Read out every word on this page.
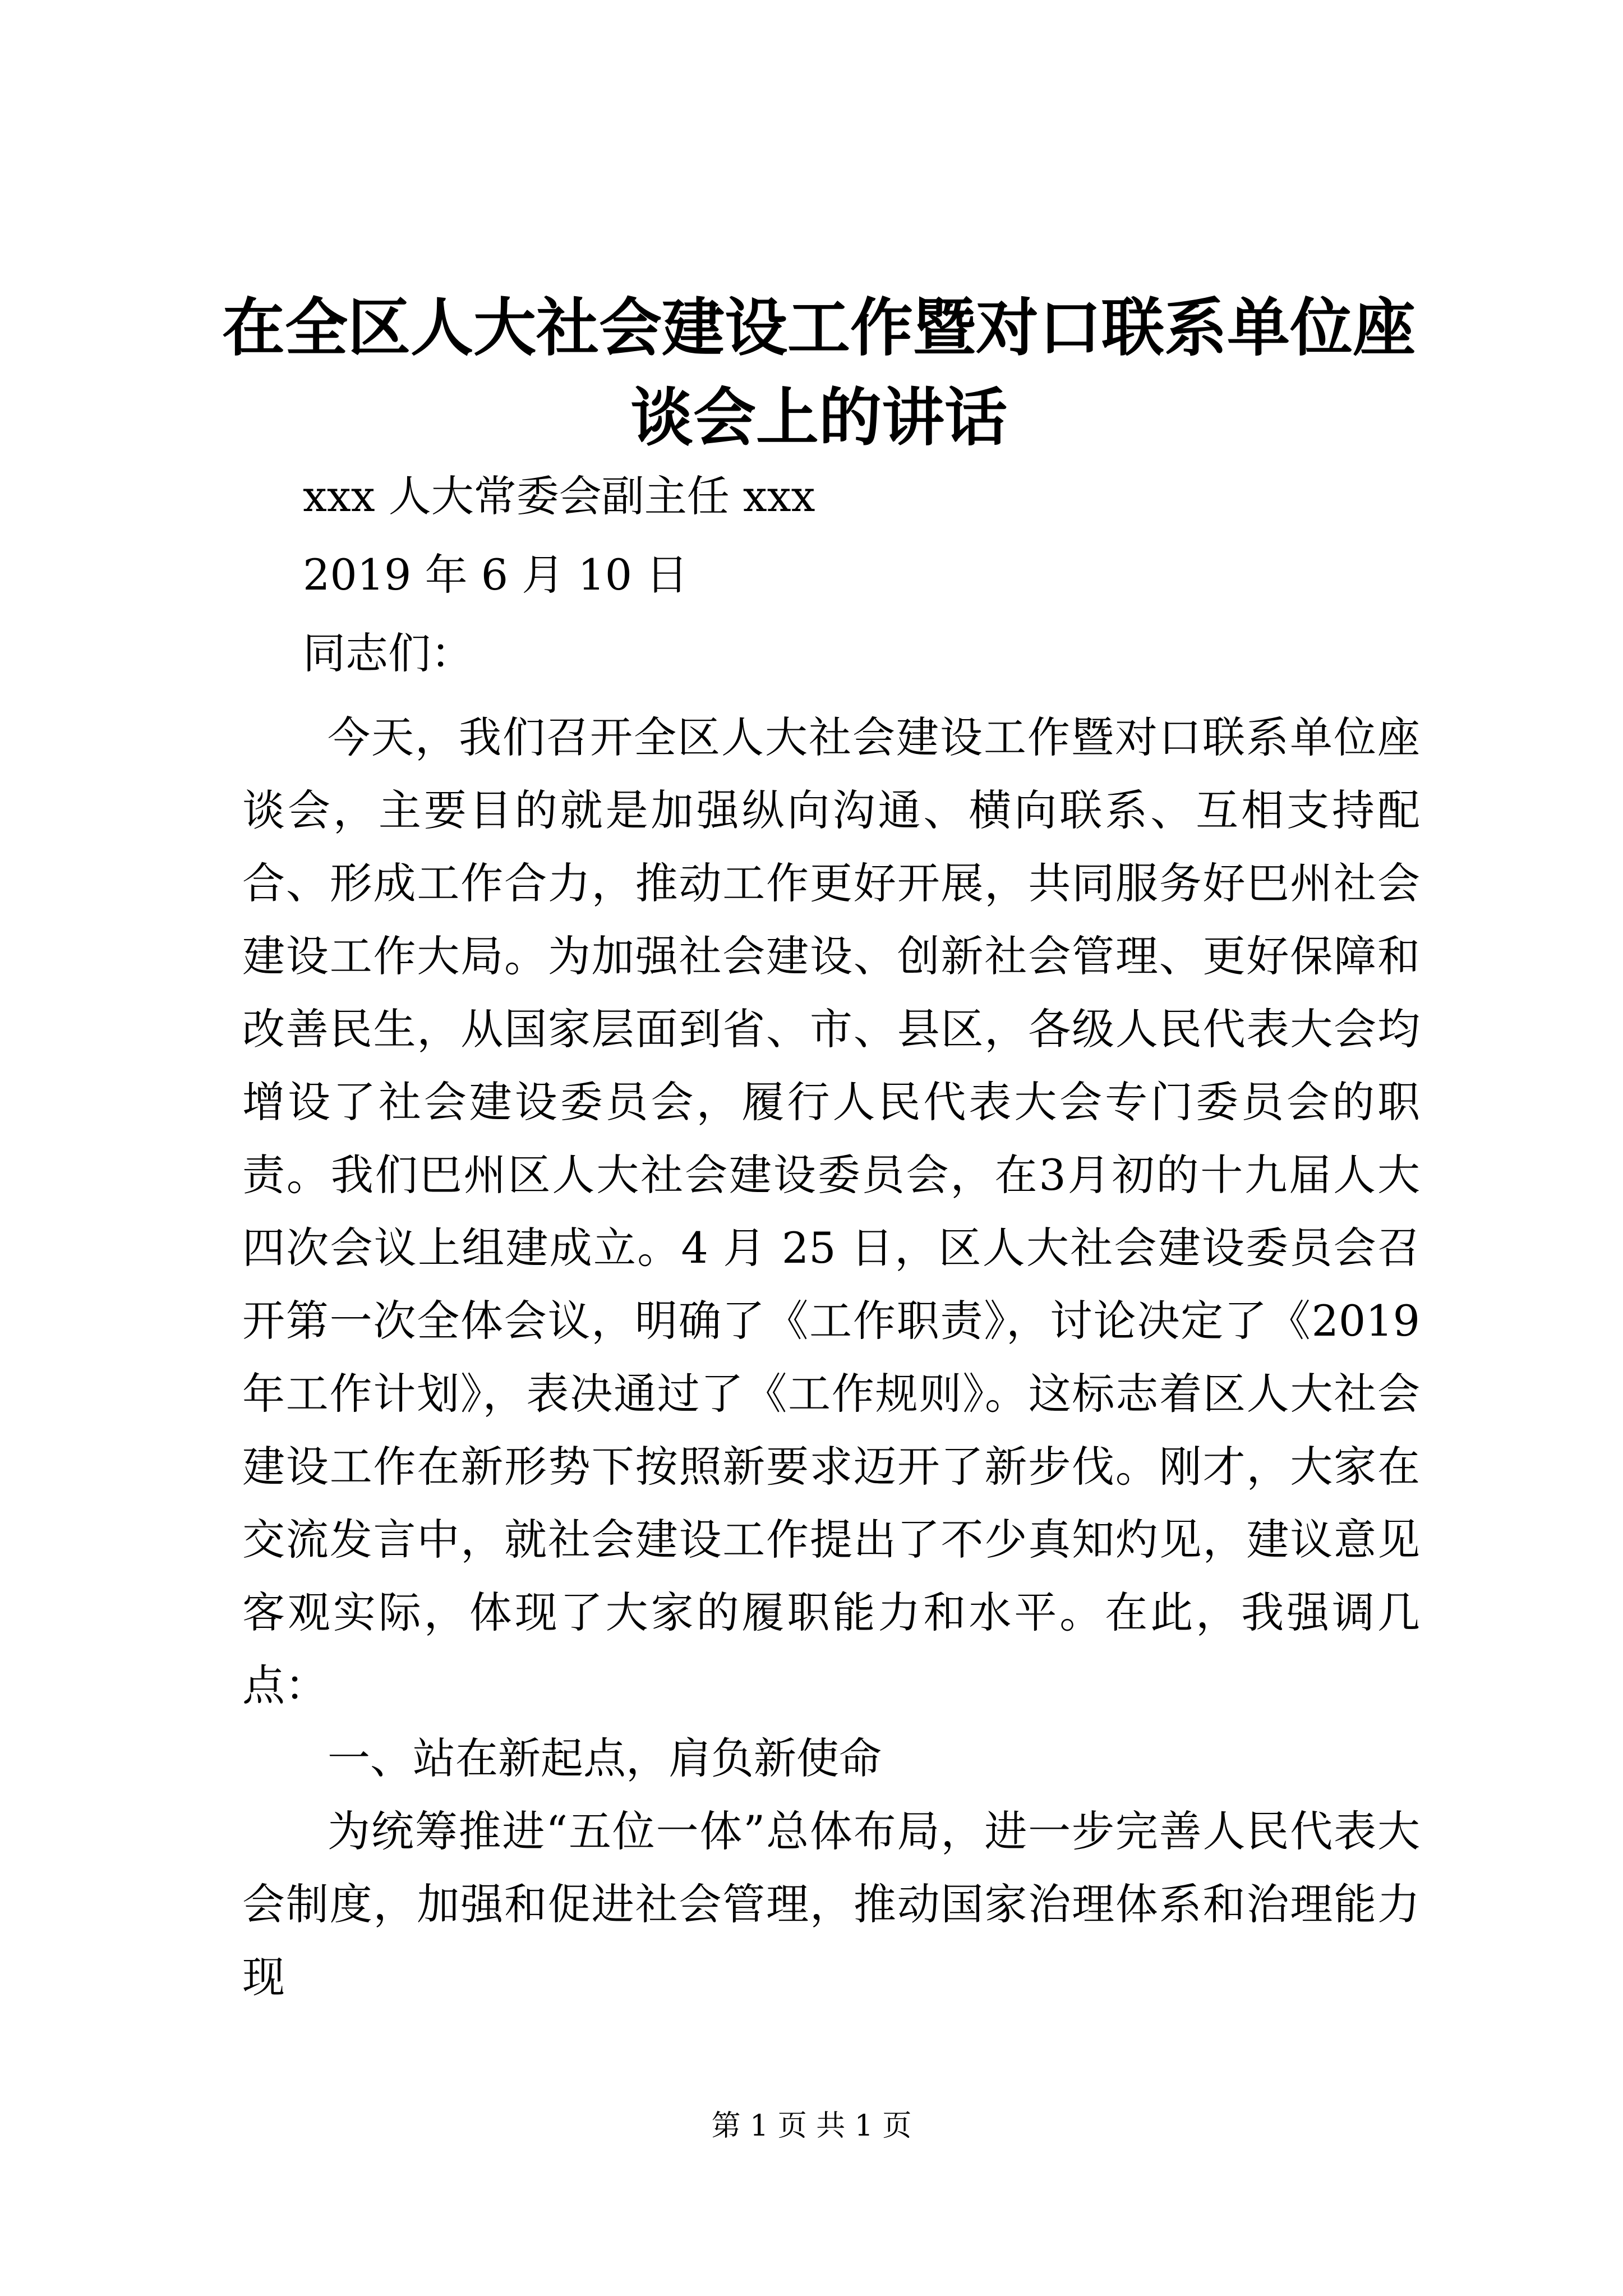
在全区人大社会建设工作暨对口联系单位座谈会上的讲话

xxx 人大常委会副主任 xxx

2019 年 6 月 10 日

同志们：

今天，我们召开全区人大社会建设工作暨对口联系单位座谈会，主要目的就是加强纵向沟通、横向联系、互相支持配合、形成工作合力，推动工作更好开展，共同服务好巴州社会建设工作大局。为加强社会建设、创新社会管理、更好保障和改善民生，从国家层面到省、市、县区，各级人民代表大会均增设了社会建设委员会，履行人民代表大会专门委员会的职责。我们巴州区人大社会建设委员会，在3月初的十九届人大四次会议上组建成立。4 月 25 日，区人大社会建设委员会召开第一次全体会议，明确了《工作职责》，讨论决定了《2019 年工作计划》，表决通过了《工作规则》。这标志着区人大社会建设工作在新形势下按照新要求迈开了新步伐。刚才，大家在交流发言中，就社会建设工作提出了不少真知灼见，建议意见客观实际，体现了大家的履职能力和水平。在此，我强调几点：

一、站在新起点，肩负新使命

为统筹推进“五位一体”总体布局，进一步完善人民代表大会制度，加强和促进社会管理，推动国家治理体系和治理能力现

第 1 页 共 1 页
